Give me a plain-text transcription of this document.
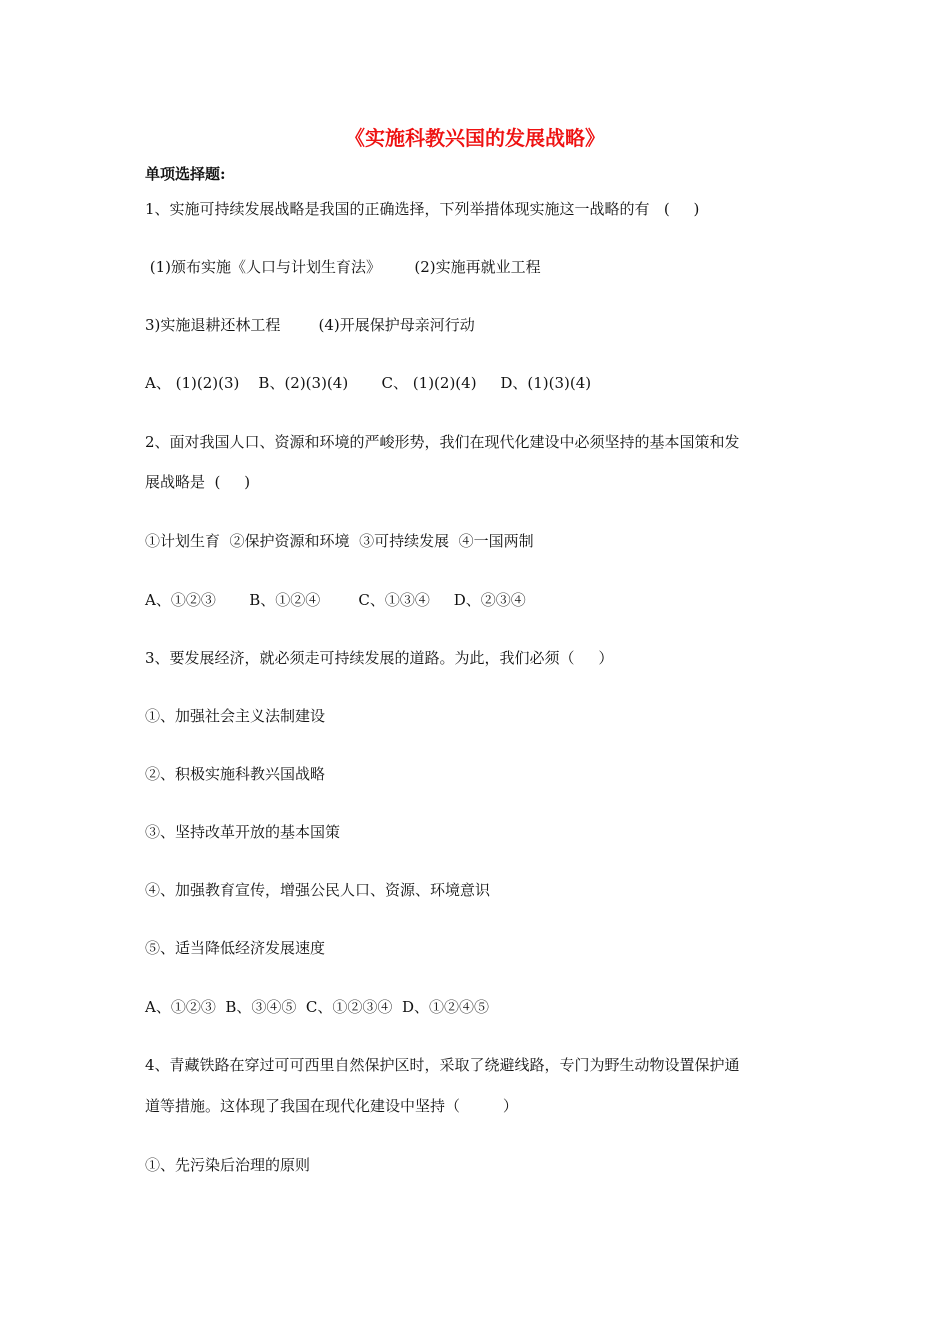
《实施科教兴国的发展战略》
单项选择题:
1、实施可持续发展战略是我国的正确选择，下列举措体现实施这一战略的有   (     )
(1)颁布实施《人口与计划生育法》       (2)实施再就业工程
3)实施退耕还林工程        (4)开展保护母亲河行动
A、 (1)(2)(3)    B、(2)(3)(4)       C、 (1)(2)(4)     D、(1)(3)(4)
2、面对我国人口、资源和环境的严峻形势，我们在现代化建设中必须坚持的基本国策和发
展战略是  (     )
①计划生育  ②保护资源和环境  ③可持续发展  ④一国两制
A、①②③       B、①②④        C、①③④     D、②③④
3、要发展经济，就必须走可持续发展的道路。为此，我们必须（     ）
①、加强社会主义法制建设
②、积极实施科教兴国战略
③、坚持改革开放的基本国策
④、加强教育宣传，增强公民人口、资源、环境意识
⑤、适当降低经济发展速度
A、①②③  B、③④⑤  C、①②③④  D、①②④⑤
4、青藏铁路在穿过可可西里自然保护区时，采取了绕避线路，专门为野生动物设置保护通
道等措施。这体现了我国在现代化建设中坚持（         ）
①、先污染后治理的原则
